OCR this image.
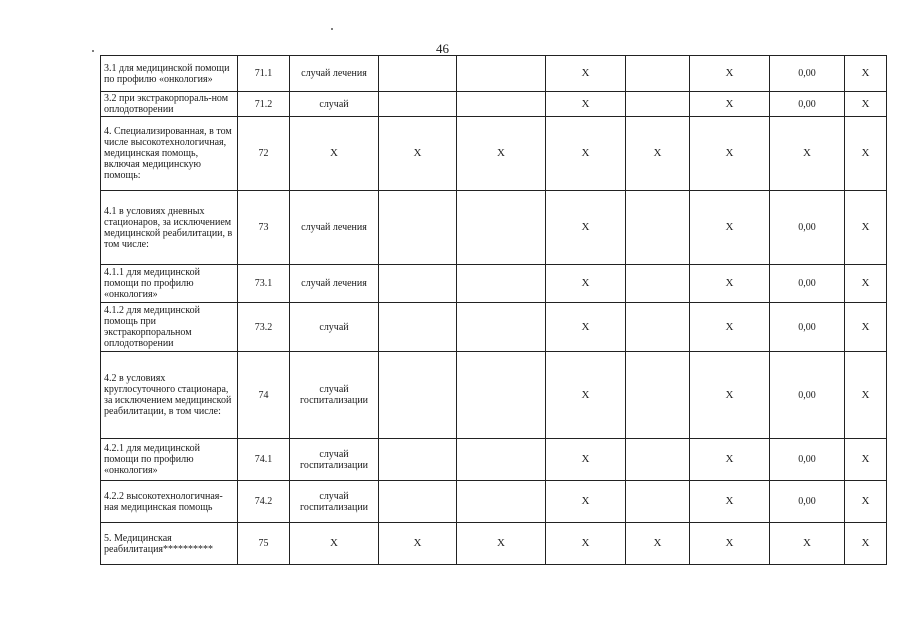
46
3.1 для медицинской помощи по профилю «онкология»	71.1	случай лечения			Х		Х	0,00	Х
3.2 при экстракорпораль-ном оплодотворении	71.2	случай			Х		Х	0,00	Х
4. Специализированная, в том числе высокотехнологичная, медицинская помощь, включая медицинскую помощь:	72	Х	Х	Х	Х	Х	Х	Х	Х
4.1 в условиях дневных стационаров, за исключением медицинской реабилитации, в том числе:	73	случай лечения			Х		Х	0,00	Х
4.1.1 для медицинской помощи по профилю «онкология»	73.1	случай лечения			Х		Х	0,00	Х
4.1.2 для медицинской помощь при экстракорпоральном оплодотворении	73.2	случай			Х		Х	0,00	Х
4.2 в условиях круглосуточного стационара, за исключением медицинской реабилитации, в том числе:	74	случай госпитализации			Х		Х	0,00	Х
4.2.1 для медицинской помощи по профилю «онкология»	74.1	случай госпитализации			Х		Х	0,00	Х
4.2.2 высокотехнологичная-ная медицинская помощь	74.2	случай госпитализации			Х		Х	0,00	Х
5. Медицинская реабилитация**********	75	Х	Х	Х	Х	Х	Х	Х	Х
